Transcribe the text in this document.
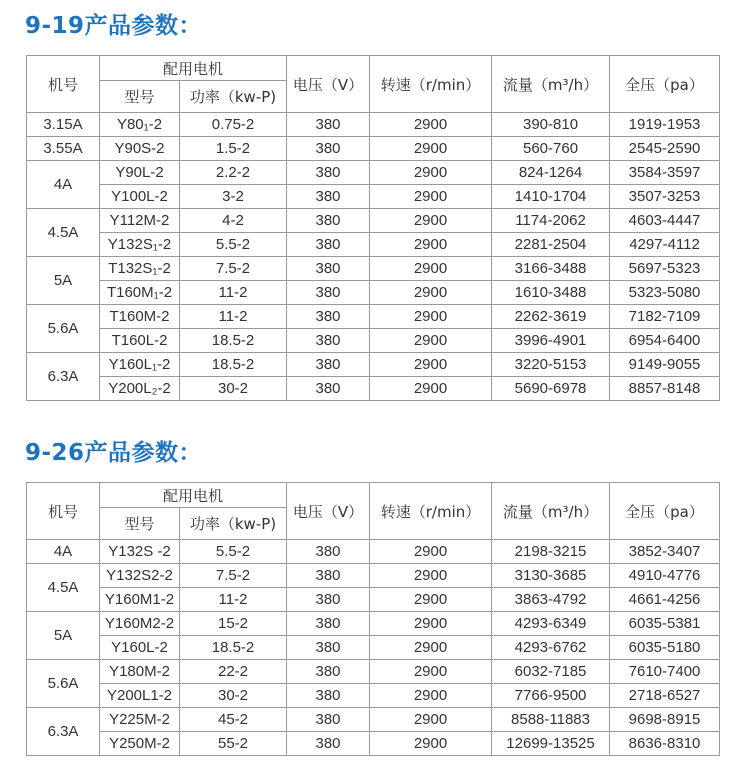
9-19产品参数：
机号	配用电机		电压（V）	转速（r/min）	流量（m³/h）	全压（pa）
	型号	功率（kw-P)				
3.15A	Y80₁-2	0.75-2	380	2900	390-810	1919-1953
3.55A	Y90S-2	1.5-2	380	2900	560-760	2545-2590
4A	Y90L-2	2.2-2	380	2900	824-1264	3584-3597
	Y100L-2	3-2	380	2900	1410-1704	3507-3253
4.5A	Y112M-2	4-2	380	2900	1174-2062	4603-4447
	Y132S₁-2	5.5-2	380	2900	2281-2504	4297-4112
5A	T132S₁-2	7.5-2	380	2900	3166-3488	5697-5323
	T160M₁-2	11-2	380	2900	1610-3488	5323-5080
5.6A	T160M-2	11-2	380	2900	2262-3619	7182-7109
	T160L-2	18.5-2	380	2900	3996-4901	6954-6400
6.3A	Y160L₁-2	18.5-2	380	2900	3220-5153	9149-9055
	Y200L₂-2	30-2	380	2900	5690-6978	8857-8148
9-26产品参数：
机号	配用电机		电压（V）	转速（r/min）	流量（m³/h）	全压（pa）
	型号	功率（kw-P)				
4A	Y132S -2	5.5-2	380	2900	2198-3215	3852-3407
4.5A	Y132S2-2	7.5-2	380	2900	3130-3685	4910-4776
	Y160M1-2	11-2	380	2900	3863-4792	4661-4256
5A	Y160M2-2	15-2	380	2900	4293-6349	6035-5381
	Y160L-2	18.5-2	380	2900	4293-6762	6035-5180
5.6A	Y180M-2	22-2	380	2900	6032-7185	7610-7400
	Y200L1-2	30-2	380	2900	7766-9500	2718-6527
6.3A	Y225M-2	45-2	380	2900	8588-11883	9698-8915
	Y250M-2	55-2	380	2900	12699-13525	8636-8310
